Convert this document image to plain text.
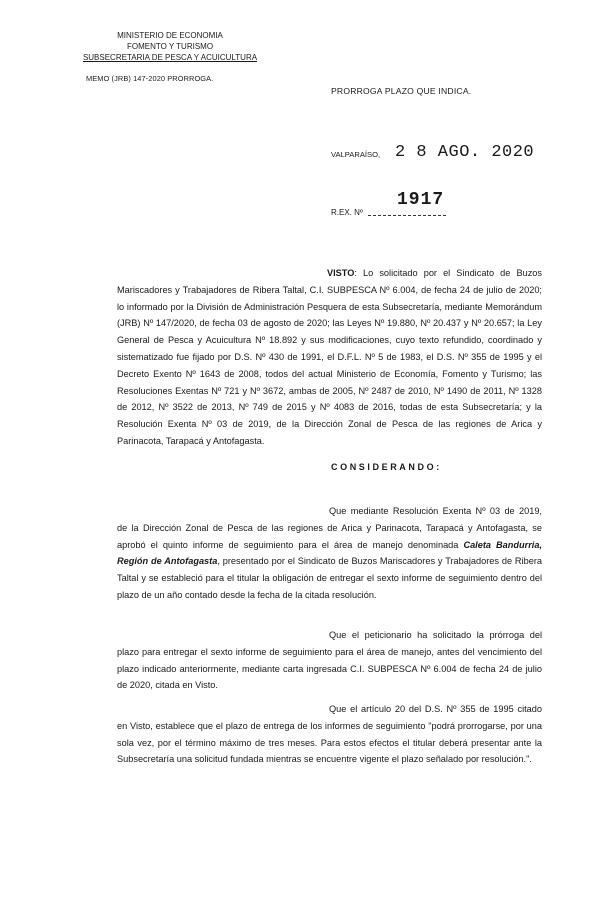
MINISTERIO DE ECONOMIA
FOMENTO Y TURISMO
SUBSECRETARIA DE PESCA Y ACUICULTURA
MEMO (JRB) 147-2020 PRORROGA.
PRORROGA PLAZO QUE INDICA.
VALPARAÍSO, 2 8 AGO. 2020
R.EX. Nº
1917

VISTO: Lo solicitado por el Sindicato de Buzos Mariscadores y Trabajadores de Ribera Taltal, C.I. SUBPESCA Nº 6.004, de fecha 24 de julio de 2020; lo informado por la División de Administración Pesquera de esta Subsecretaría, mediante Memorándum (JRB) Nº 147/2020, de fecha 03 de agosto de 2020; las Leyes Nº 19.880, Nº 20.437 y Nº 20.657; la Ley General de Pesca y Acuicultura Nº 18.892 y sus modificaciones, cuyo texto refundido, coordinado y sistematizado fue fijado por D.S. Nº 430 de 1991, el D.F.L. Nº 5 de 1983, el D.S. Nº 355 de 1995 y el Decreto Exento Nº 1643 de 2008, todos del actual Ministerio de Economía, Fomento y Turismo; las Resoluciones Exentas Nº 721 y Nº 3672, ambas de 2005, Nº 2487 de 2010, Nº 1490 de 2011, Nº 1328 de 2012, Nº 3522 de 2013, Nº 749 de 2015 y Nº 4083 de 2016, todas de esta Subsecretaría; y la Resolución Exenta Nº 03 de 2019, de la Dirección Zonal de Pesca de las regiones de Arica y Parinacota, Tarapacá y Antofagasta.

CONSIDERANDO:

Que mediante Resolución Exenta Nº 03 de 2019, de la Dirección Zonal de Pesca de las regiones de Arica y Parinacota, Tarapacá y Antofagasta, se aprobó el quinto informe de seguimiento para el área de manejo denominada Caleta Bandurria, Región de Antofagasta, presentado por el Sindicato de Buzos Mariscadores y Trabajadores de Ribera Taltal y se estableció para el titular la obligación de entregar el sexto informe de seguimiento dentro del plazo de un año contado desde la fecha de la citada resolución.

Que el peticionario ha solicitado la prórroga del plazo para entregar el sexto informe de seguimiento para el área de manejo, antes del vencimiento del plazo indicado anteriormente, mediante carta ingresada C.I. SUBPESCA Nº 6.004 de fecha 24 de julio de 2020, citada en Visto.

Que el artículo 20 del D.S. Nº 355 de 1995 citado en Visto, establece que el plazo de entrega de los informes de seguimiento "podrá prorrogarse, por una sola vez, por el término máximo de tres meses. Para estos efectos el titular deberá presentar ante la Subsecretaría una solicitud fundada mientras se encuentre vigente el plazo señalado por resolución.".
